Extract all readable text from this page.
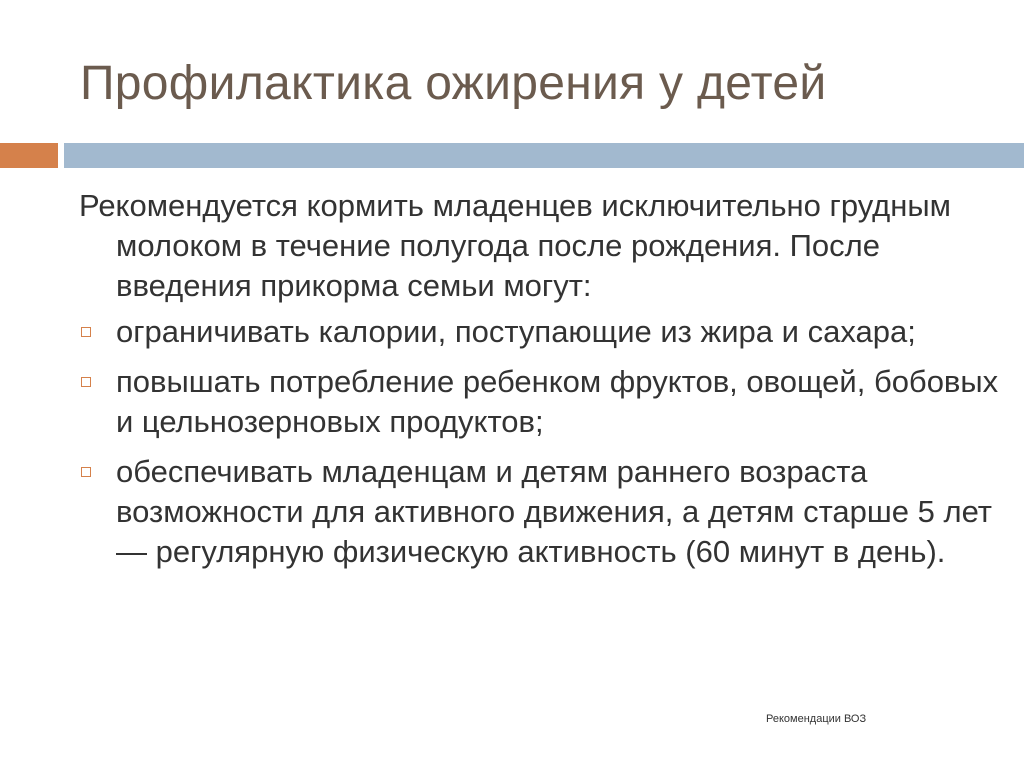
Профилактика ожирения у детей

Рекомендуется кормить младенцев исключительно грудным молоком в течение полугода после рождения. После введения прикорма семьи могут:

ограничивать калории, поступающие из жира и сахара;
повышать потребление ребенком фруктов, овощей, бобовых и цельнозерновых продуктов;
обеспечивать младенцам и детям раннего возраста возможности для активного движения, а детям старше 5 лет — регулярную физическую активность (60 минут в день).
Рекомендации ВОЗ
